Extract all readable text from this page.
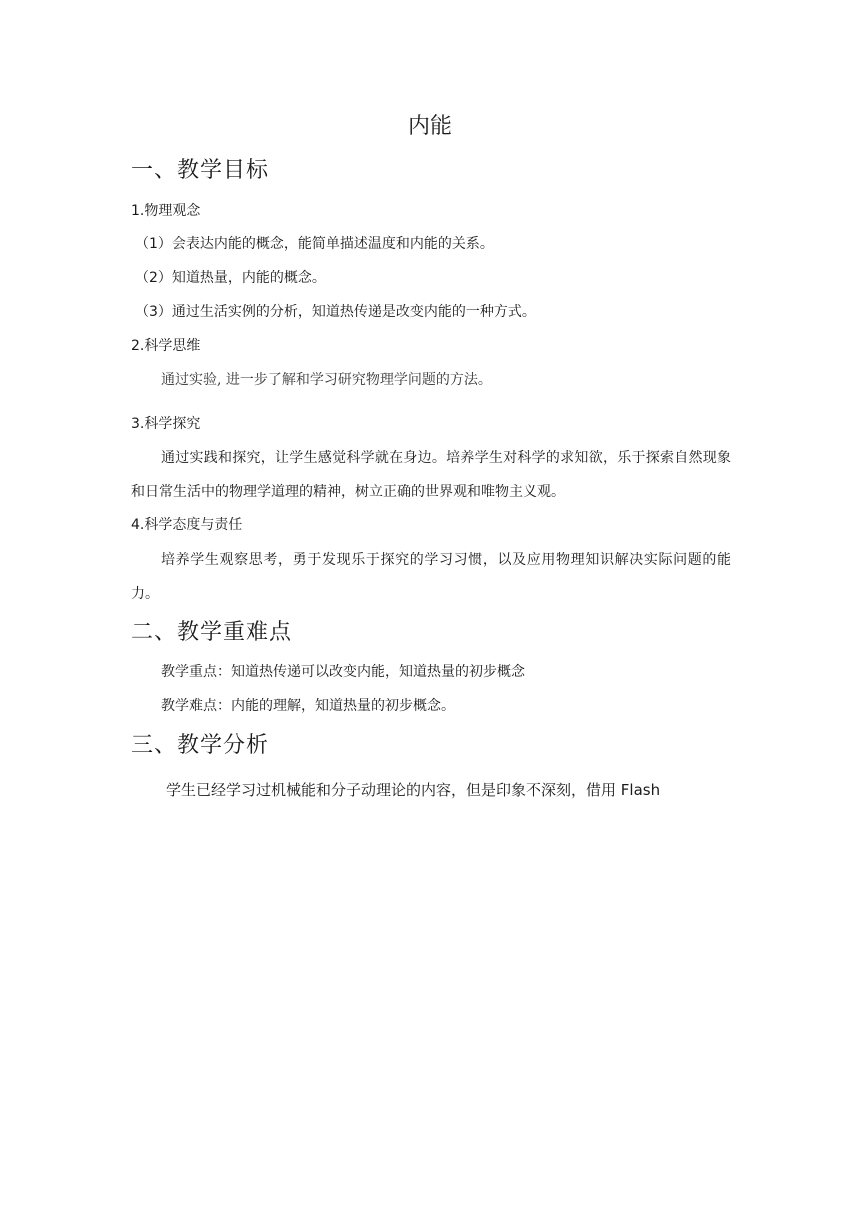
内能
一、教学目标
1.物理观念
（1）会表达内能的概念，能简单描述温度和内能的关系。
（2）知道热量，内能的概念。
（3）通过生活实例的分析，知道热传递是改变内能的一种方式。
2.科学思维
通过实验, 进一步了解和学习研究物理学问题的方法。
3.科学探究
通过实践和探究，让学生感觉科学就在身边。培养学生对科学的求知欲，乐于探索自然现象和日常生活中的物理学道理的精神，树立正确的世界观和唯物主义观。
4.科学态度与责任
培养学生观察思考，勇于发现乐于探究的学习习惯，以及应用物理知识解决实际问题的能力。
二、教学重难点
教学重点：知道热传递可以改变内能，知道热量的初步概念
教学难点：内能的理解，知道热量的初步概念。
三、教学分析
学生已经学习过机械能和分子动理论的内容，但是印象不深刻，借用 Flash
